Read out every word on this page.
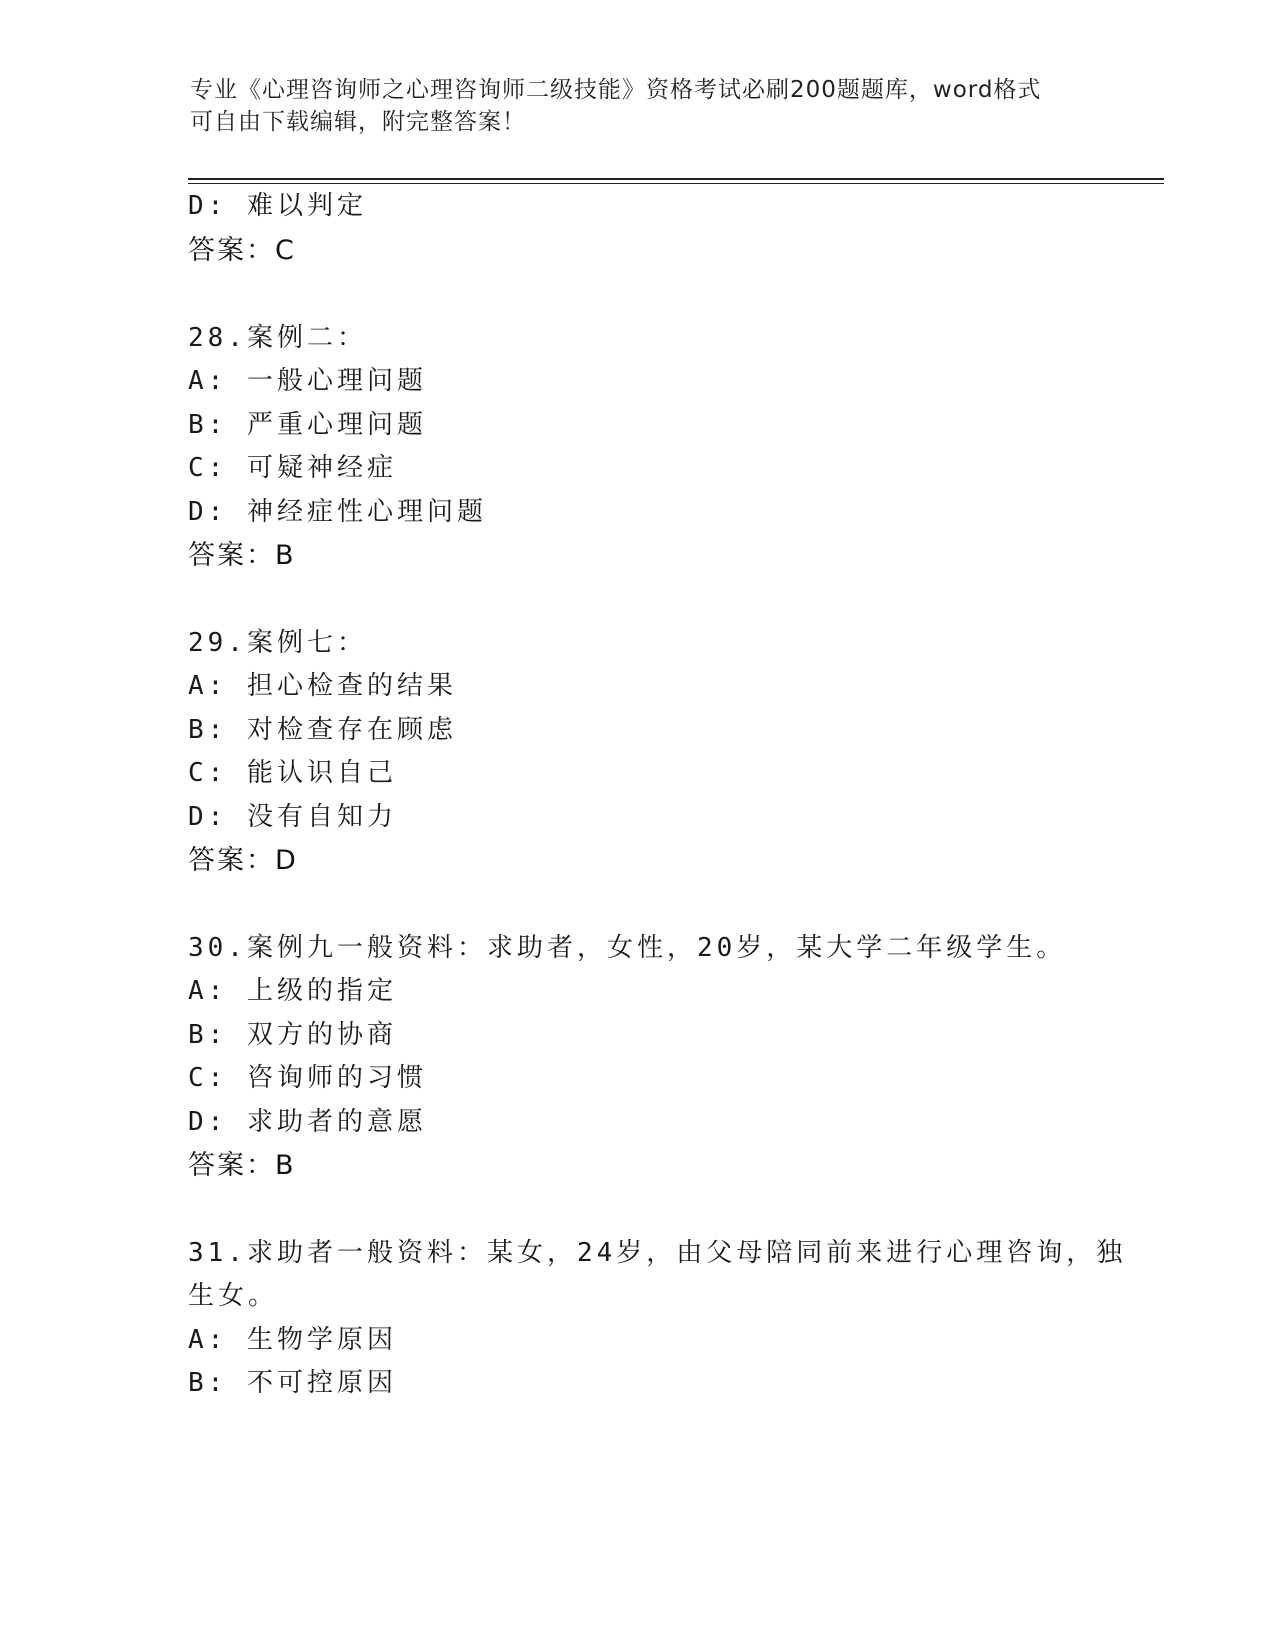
专业《心理咨询师之心理咨询师二级技能》资格考试必刷200题题库，word格式
可自由下载编辑，附完整答案！
D: 难以判定
答案：C
28.案例二：
A: 一般心理问题
B: 严重心理问题
C: 可疑神经症
D: 神经症性心理问题
答案：B
29.案例七：
A: 担心检查的结果
B: 对检查存在顾虑
C: 能认识自己
D: 没有自知力
答案：D
30.案例九一般资料：求助者，女性，20岁，某大学二年级学生。
A: 上级的指定
B: 双方的协商
C: 咨询师的习惯
D: 求助者的意愿
答案：B
31.求助者一般资料：某女，24岁，由父母陪同前来进行心理咨询，独
生女。
A: 生物学原因
B: 不可控原因
